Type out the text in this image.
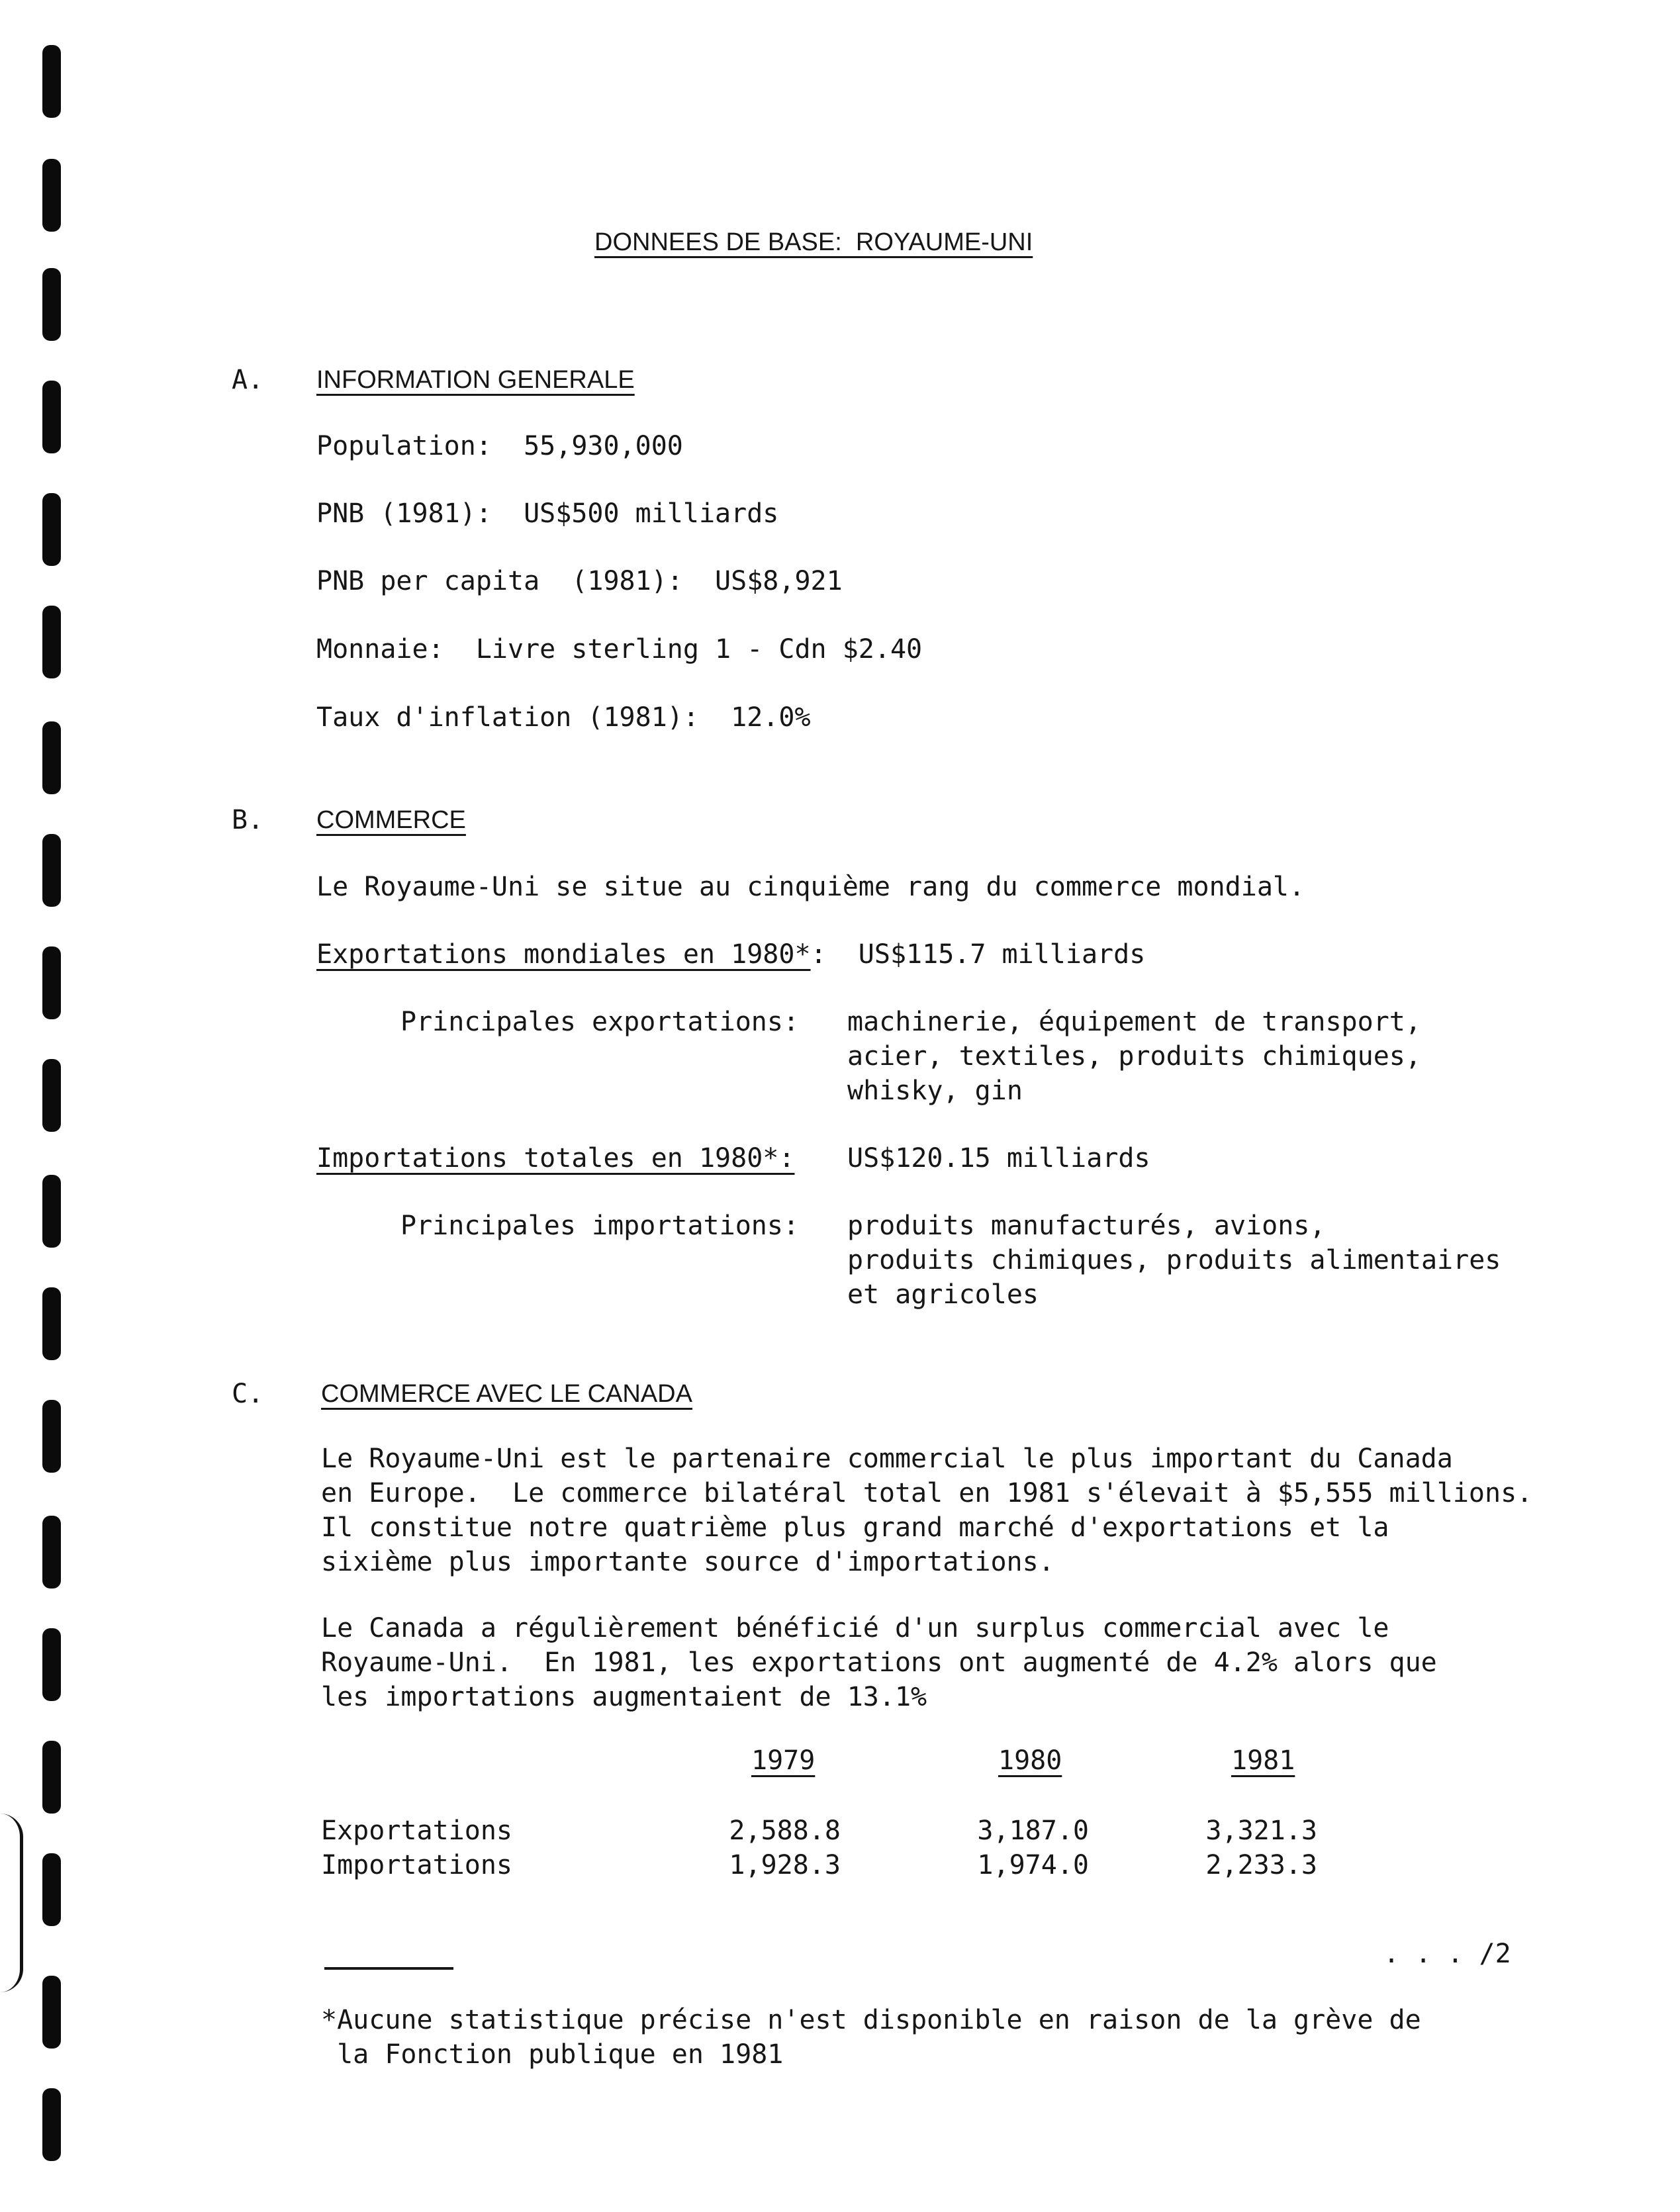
DONNEES DE BASE:  ROYAUME-UNI
A. INFORMATION GENERALE
Population:  55,930,000
PNB (1981):  US$500 milliards
PNB per capita  (1981):  US$8,921
Monnaie:  Livre sterling 1 - Cdn $2.40
Taux d'inflation (1981):  12.0%
B. COMMERCE
Le Royaume-Uni se situe au cinquième rang du commerce mondial.
Exportations mondiales en 1980*:  US$115.7 milliards
Principales exportations: machinerie, équipement de transport,
acier, textiles, produits chimiques,
whisky, gin
Importations totales en 1980*: US$120.15 milliards
Principales importations: produits manufacturés, avions,
produits chimiques, produits alimentaires
et agricoles
C. COMMERCE AVEC LE CANADA
Le Royaume-Uni est le partenaire commercial le plus important du Canada
en Europe.  Le commerce bilatéral total en 1981 s'élevait à $5,555 millions.
Il constitue notre quatrième plus grand marché d'exportations et la
sixième plus importante source d'importations.
Le Canada a régulièrement bénéficié d'un surplus commercial avec le
Royaume-Uni.  En 1981, les exportations ont augmenté de 4.2% alors que
les importations augmentaient de 13.1%
1979	1980	1981
Exportations	2,588.8	3,187.0	3,321.3
Importations	1,928.3	1,974.0	2,233.3
. . . /2
*Aucune statistique précise n'est disponible en raison de la grève de
la Fonction publique en 1981
